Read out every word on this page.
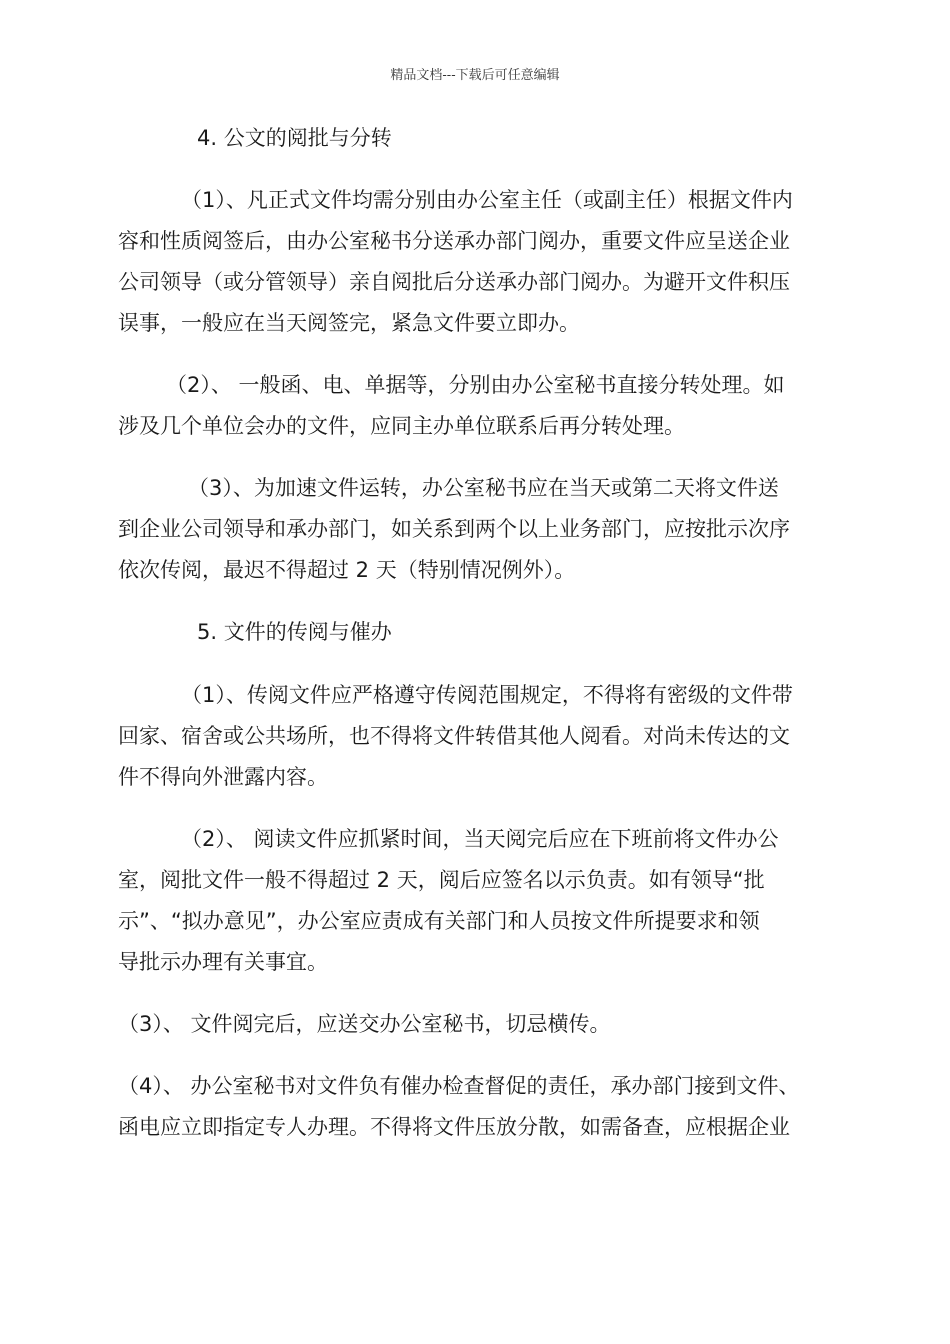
精品文档---下载后可任意编辑
4. 公文的阅批与分转
（1）、凡正式文件均需分别由办公室主任（或副主任）根据文件内
容和性质阅签后，由办公室秘书分送承办部门阅办，重要文件应呈送企业
公司领导（或分管领导）亲自阅批后分送承办部门阅办。为避开文件积压
误事，一般应在当天阅签完，紧急文件要立即办。
（2）、 一般函、电、单据等，分别由办公室秘书直接分转处理。如
涉及几个单位会办的文件，应同主办单位联系后再分转处理。
（3）、为加速文件运转，办公室秘书应在当天或第二天将文件送
到企业公司领导和承办部门，如关系到两个以上业务部门，应按批示次序
依次传阅，最迟不得超过 2 天（特别情况例外）。
5. 文件的传阅与催办
（1）、传阅文件应严格遵守传阅范围规定，不得将有密级的文件带
回家、宿舍或公共场所，也不得将文件转借其他人阅看。对尚未传达的文
件不得向外泄露内容。
（2）、 阅读文件应抓紧时间，当天阅完后应在下班前将文件办公
室，阅批文件一般不得超过 2 天，阅后应签名以示负责。如有领导“批
示”、“拟办意见”，办公室应责成有关部门和人员按文件所提要求和领
导批示办理有关事宜。
（3）、 文件阅完后，应送交办公室秘书，切忌横传。
（4）、 办公室秘书对文件负有催办检查督促的责任，承办部门接到文件、
函电应立即指定专人办理。不得将文件压放分散，如需备查，应根据企业
